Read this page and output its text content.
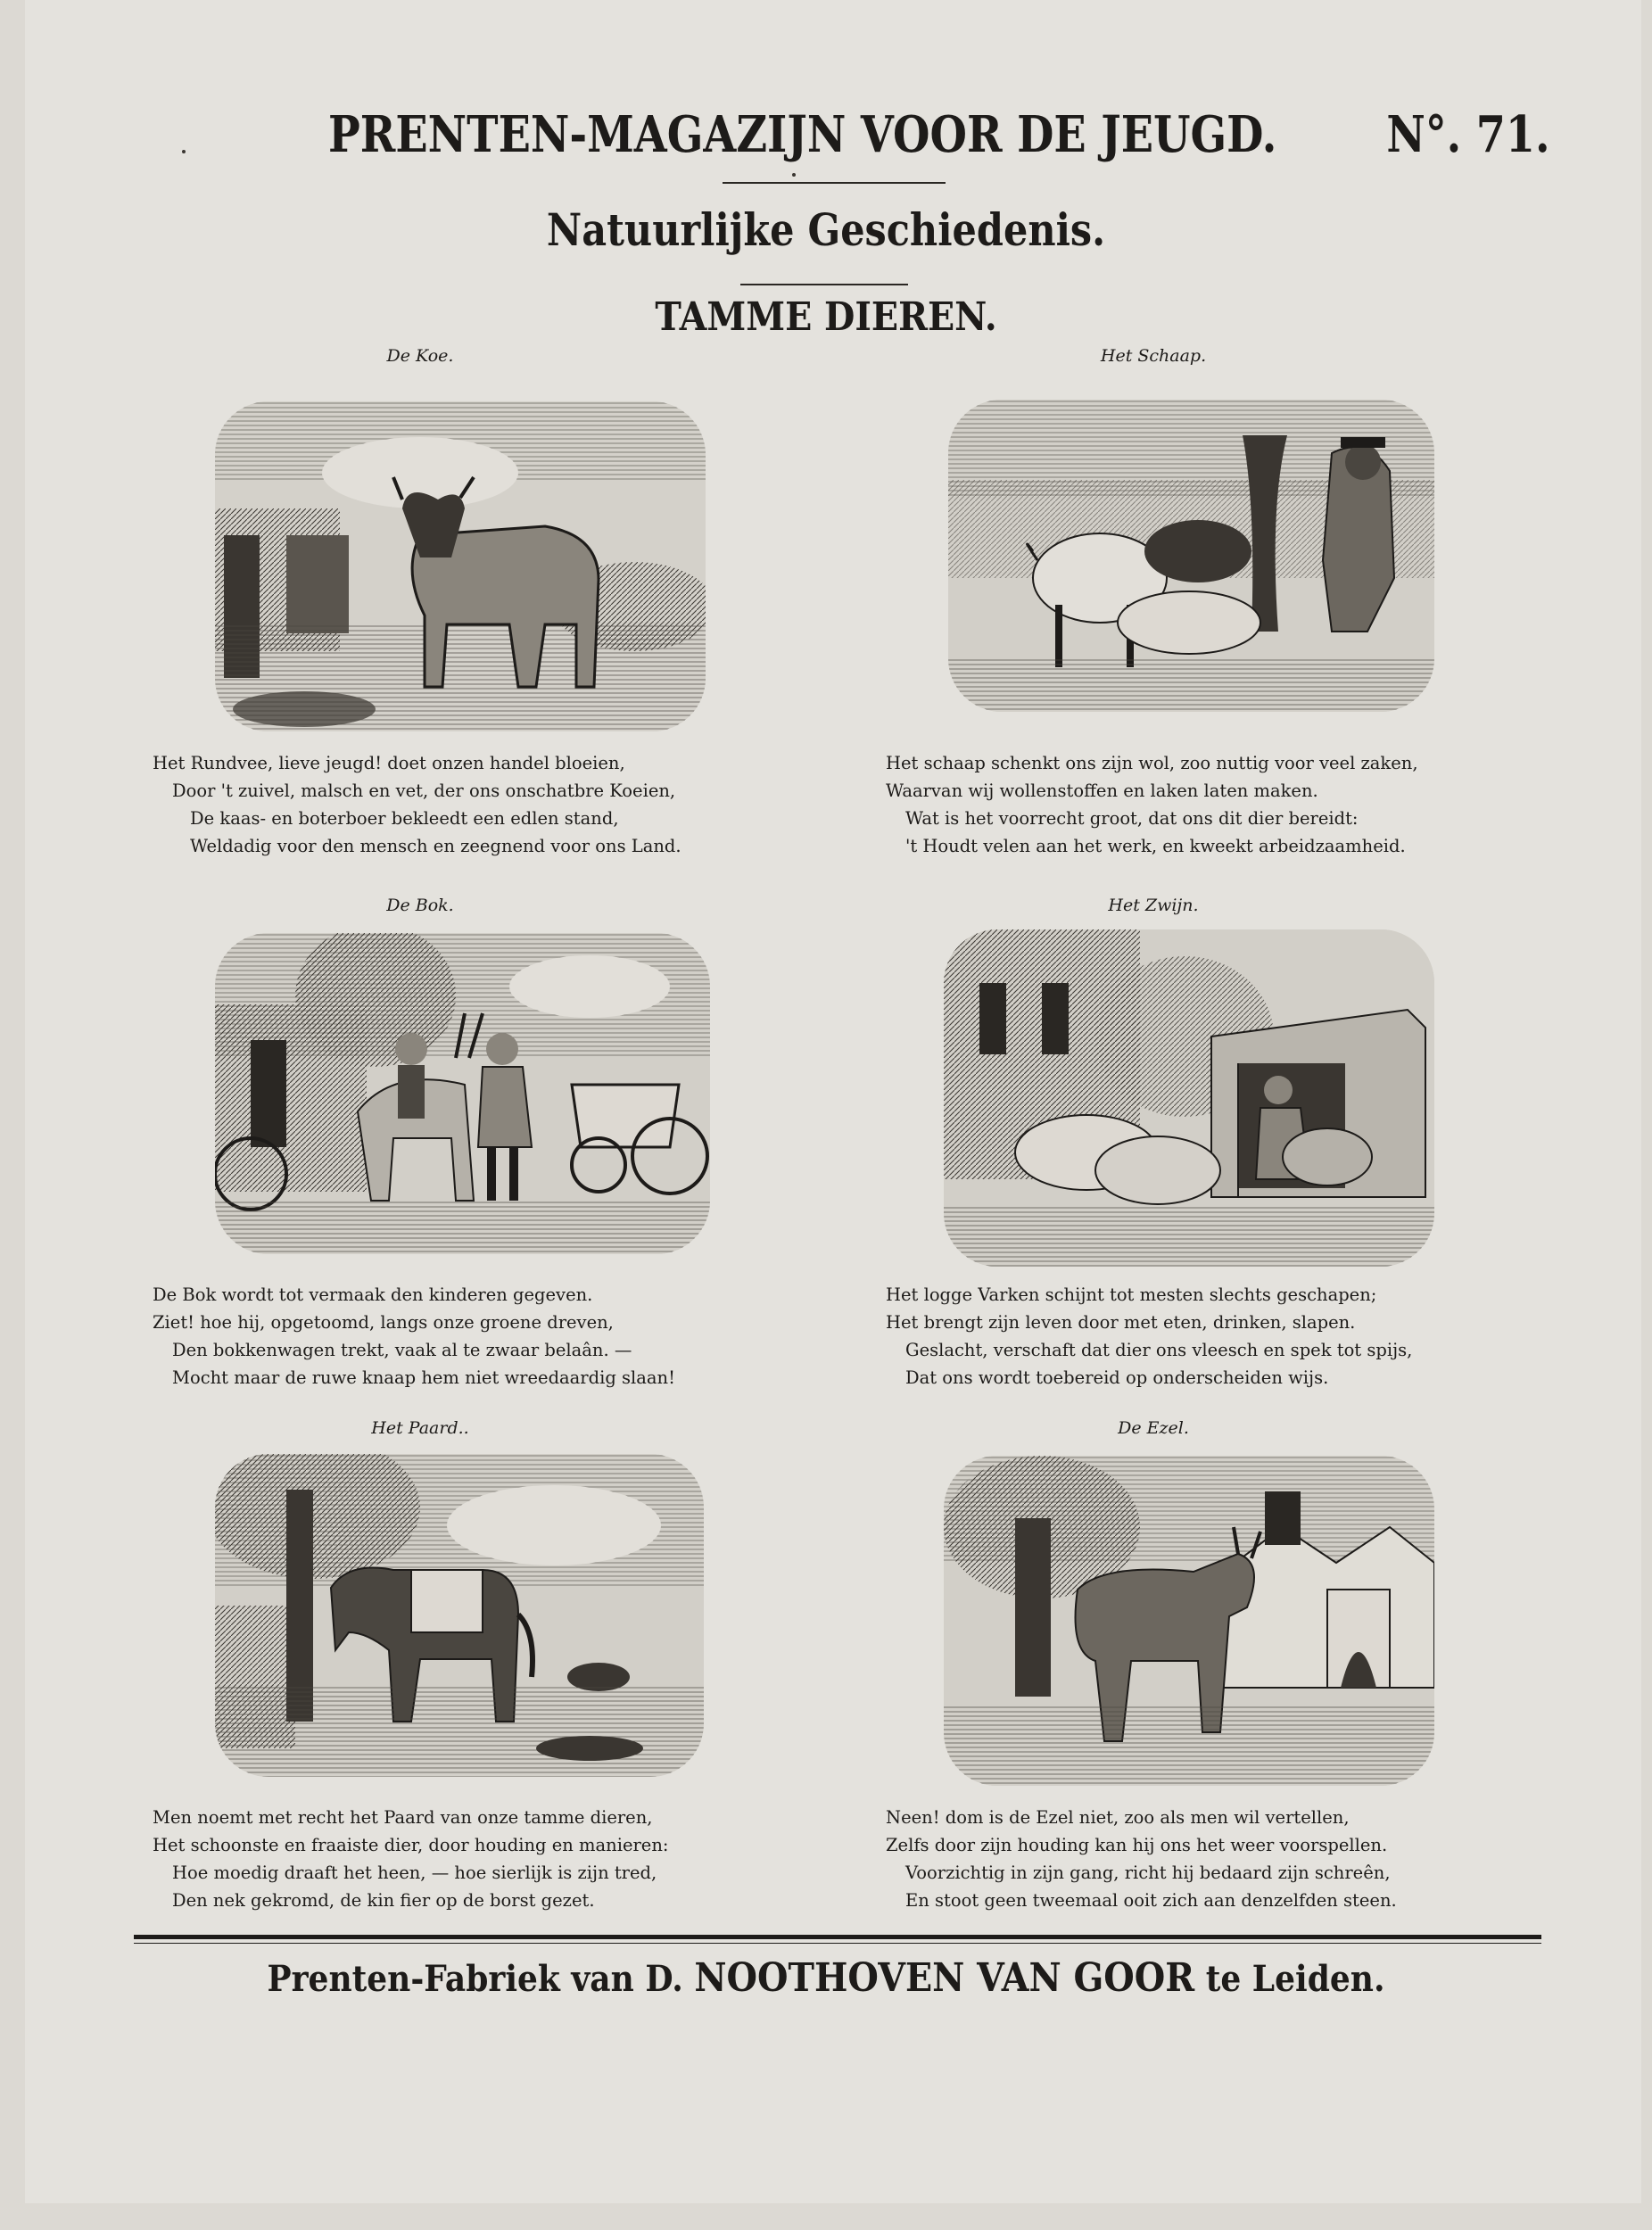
PRENTEN-MAGAZIJN VOOR DE JEUGD. N°. 71.
Natuurlijke Geschiedenis.
TAMME DIEREN.
De Koe.
Het Rundvee, lieve jeugd! doet onzen handel bloeien,
Door 't zuivel, malsch en vet, der ons onschatbre Koeien,
De kaas- en boterboer bekleedt een edlen stand,
Weldadig voor den mensch en zeegnend voor ons Land.
Het Schaap.
Het schaap schenkt ons zijn wol, zoo nuttig voor veel zaken,
Waarvan wij wollenstoffen en laken laten maken.
Wat is het voorrecht groot, dat ons dit dier bereidt:
't Houdt velen aan het werk, en kweekt arbeidzaamheid.
De Bok.
De Bok wordt tot vermaak den kinderen gegeven.
Ziet! hoe hij, opgetoomd, langs onze groene dreven,
Den bokkenwagen trekt, vaak al te zwaar belaân. —
Mocht maar de ruwe knaap hem niet wreedaardig slaan!
Het Zwijn.
Het logge Varken schijnt tot mesten slechts geschapen;
Het brengt zijn leven door met eten, drinken, slapen.
Geslacht, verschaft dat dier ons vleesch en spek tot spijs,
Dat ons wordt toebereid op onderscheiden wijs.
Het Paard..
Men noemt met recht het Paard van onze tamme dieren,
Het schoonste en fraaiste dier, door houding en manieren:
Hoe moedig draaft het heen, — hoe sierlijk is zijn tred,
Den nek gekromd, de kin fier op de borst gezet.
De Ezel.
Neen! dom is de Ezel niet, zoo als men wil vertellen,
Zelfs door zijn houding kan hij ons het weer voorspellen.
Voorzichtig in zijn gang, richt hij bedaard zijn schreên,
En stoot geen tweemaal ooit zich aan denzelfden steen.
Prenten-Fabriek van D. NOOTHOVEN VAN GOOR te Leiden.
